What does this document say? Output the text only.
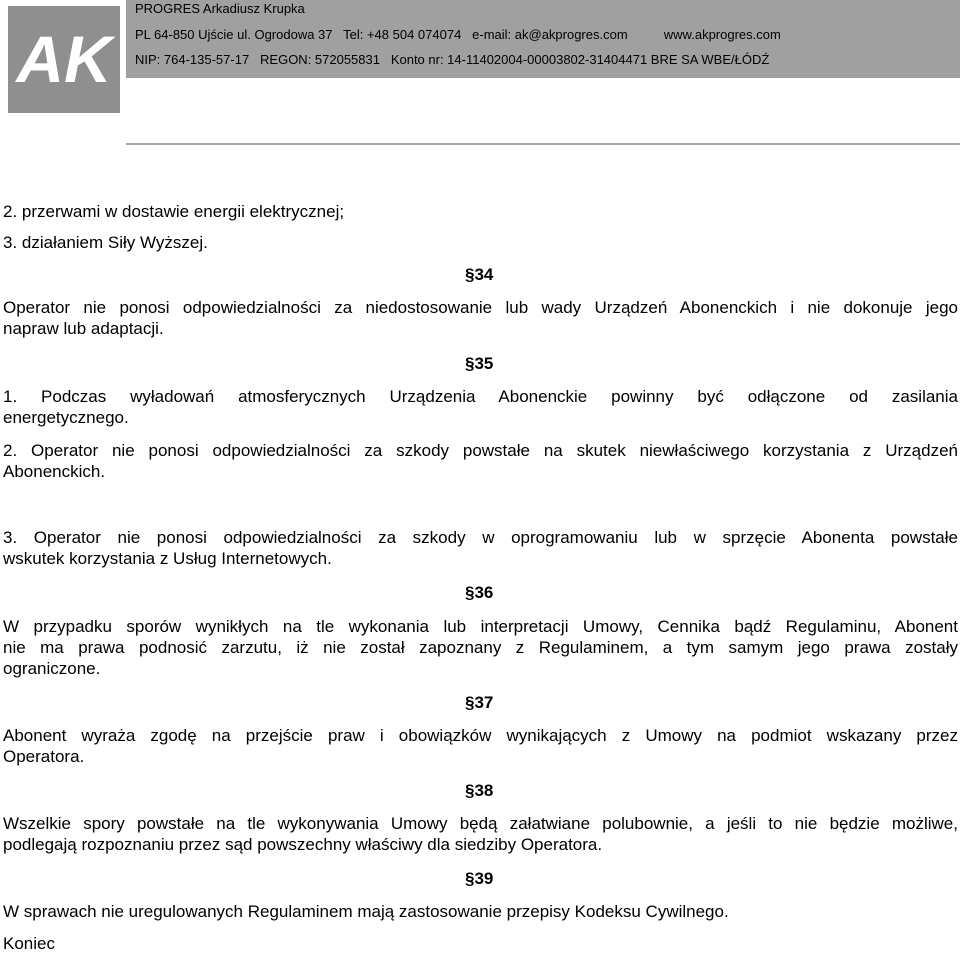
AK
PROGRES Arkadiusz Krupka
PL 64-850 Ujście ul. Ogrodowa 37   Tel: +48 504 074074   e-mail: ak@akprogres.com          www.akprogres.com
NIP: 764-135-57-17   REGON: 572055831   Konto nr: 14-11402004-00003802-31404471 BRE SA WBE/ŁÓDŹ
2. przerwami w dostawie energii elektrycznej;
3. działaniem Siły Wyższej.
§34
Operator nie ponosi odpowiedzialności za niedostosowanie lub wady Urządzeń Abonenckich i nie dokonuje jego
napraw lub adaptacji.
§35
1. Podczas wyładowań atmosferycznych Urządzenia Abonenckie powinny być odłączone od zasilania
energetycznego.
2. Operator nie ponosi odpowiedzialności za szkody powstałe na skutek niewłaściwego korzystania z Urządzeń
Abonenckich.
3. Operator nie ponosi odpowiedzialności za szkody w oprogramowaniu lub w sprzęcie Abonenta powstałe
wskutek korzystania z Usług Internetowych.
§36
W przypadku sporów wynikłych na tle wykonania lub interpretacji Umowy, Cennika bądź Regulaminu, Abonent
nie ma prawa podnosić zarzutu, iż nie został zapoznany z Regulaminem, a tym samym jego prawa zostały
ograniczone.
§37
Abonent wyraża zgodę na przejście praw i obowiązków wynikających z Umowy na podmiot wskazany przez
Operatora.
§38
Wszelkie spory powstałe na tle wykonywania Umowy będą załatwiane polubownie, a jeśli to nie będzie możliwe,
podlegają rozpoznaniu przez sąd powszechny właściwy dla siedziby Operatora.
§39
W sprawach nie uregulowanych Regulaminem mają zastosowanie przepisy Kodeksu Cywilnego.
Koniec
